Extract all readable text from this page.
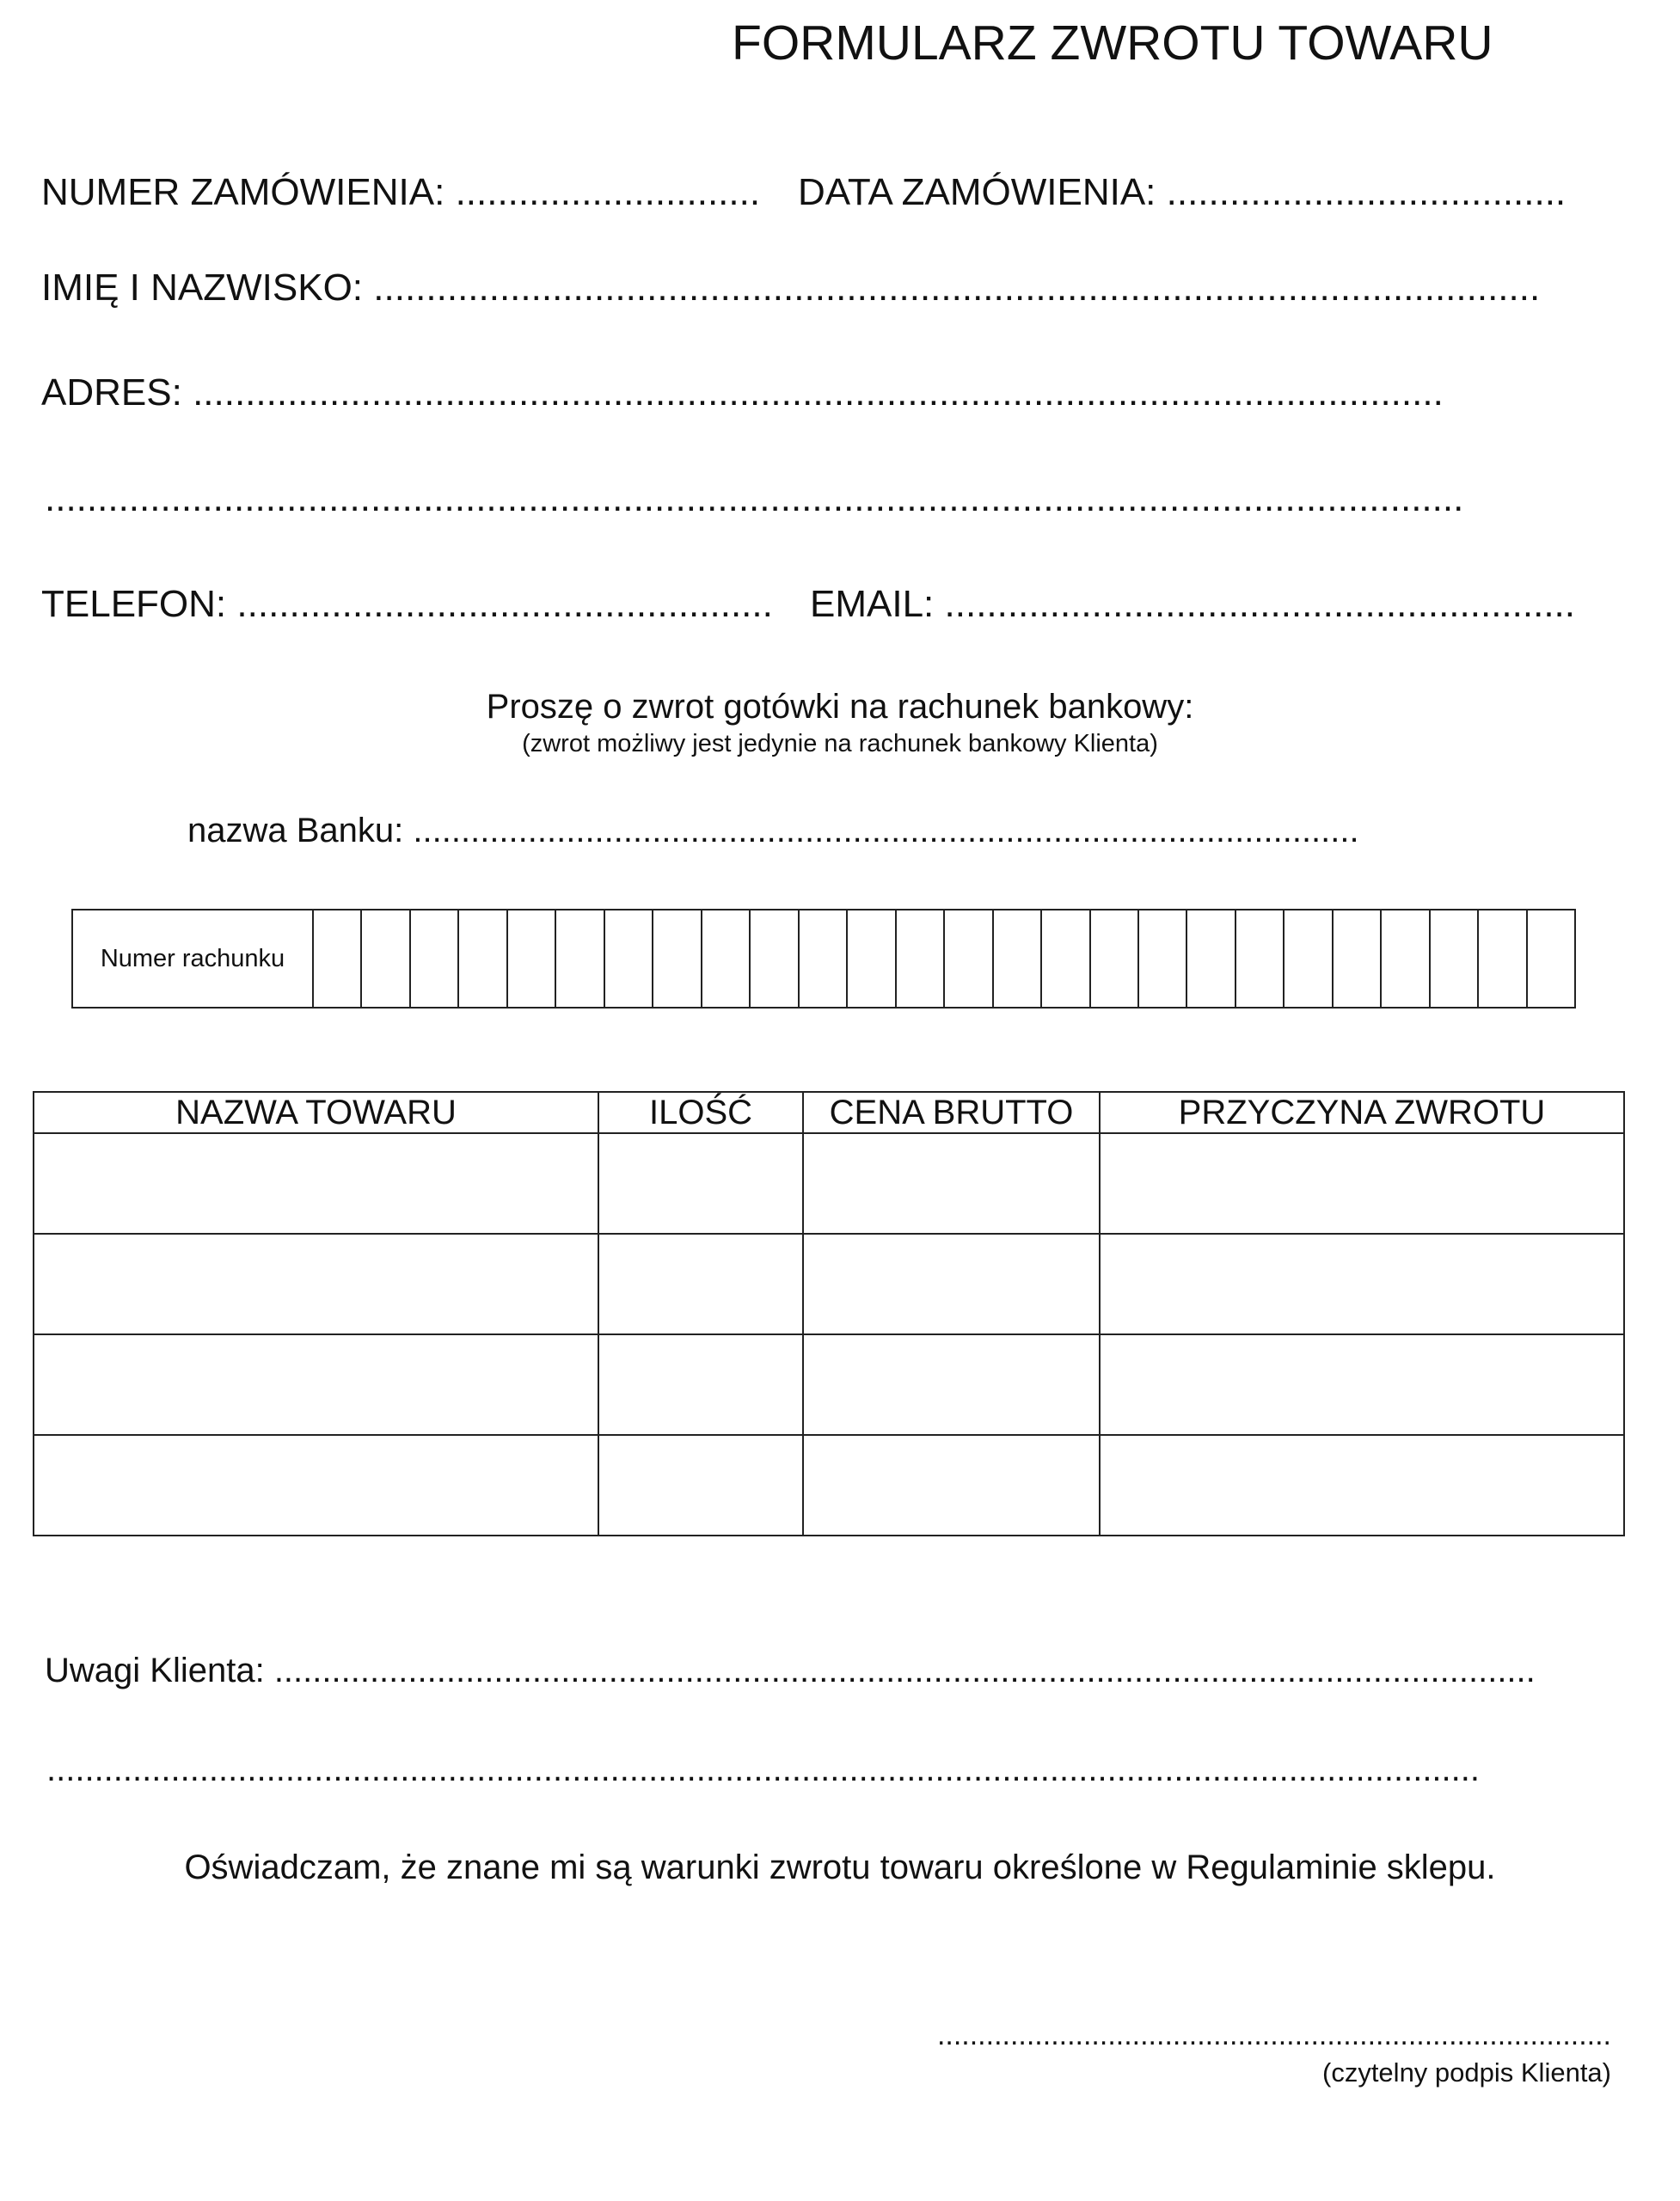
FORMULARZ ZWROTU TOWARU
NUMER ZAMÓWIENIA: ............................. DATA ZAMÓWIENIA: ......................................
IMIĘ I NAZWISKO: ...............................................................................................................
ADRES: .......................................................................................................................
.......................................................................................................................................
TELEFON: ................................................... EMAIL: ............................................................
Proszę o zwrot gotówki na rachunek bankowy:
(zwrot możliwy jest jedynie na rachunek bankowy Klienta)
nazwa Banku: ...................................................................................................
Numer rachunku
NAZWA TOWARU	ILOŚĆ	CENA BRUTTO	PRZYCZYNA ZWROTU

Uwagi Klienta: ....................................................................................................................................
......................................................................................................................................................
Oświadczam, że znane mi są warunki zwrotu towaru określone w Regulaminie sklepu.
...................................................................................
(czytelny podpis Klienta)
